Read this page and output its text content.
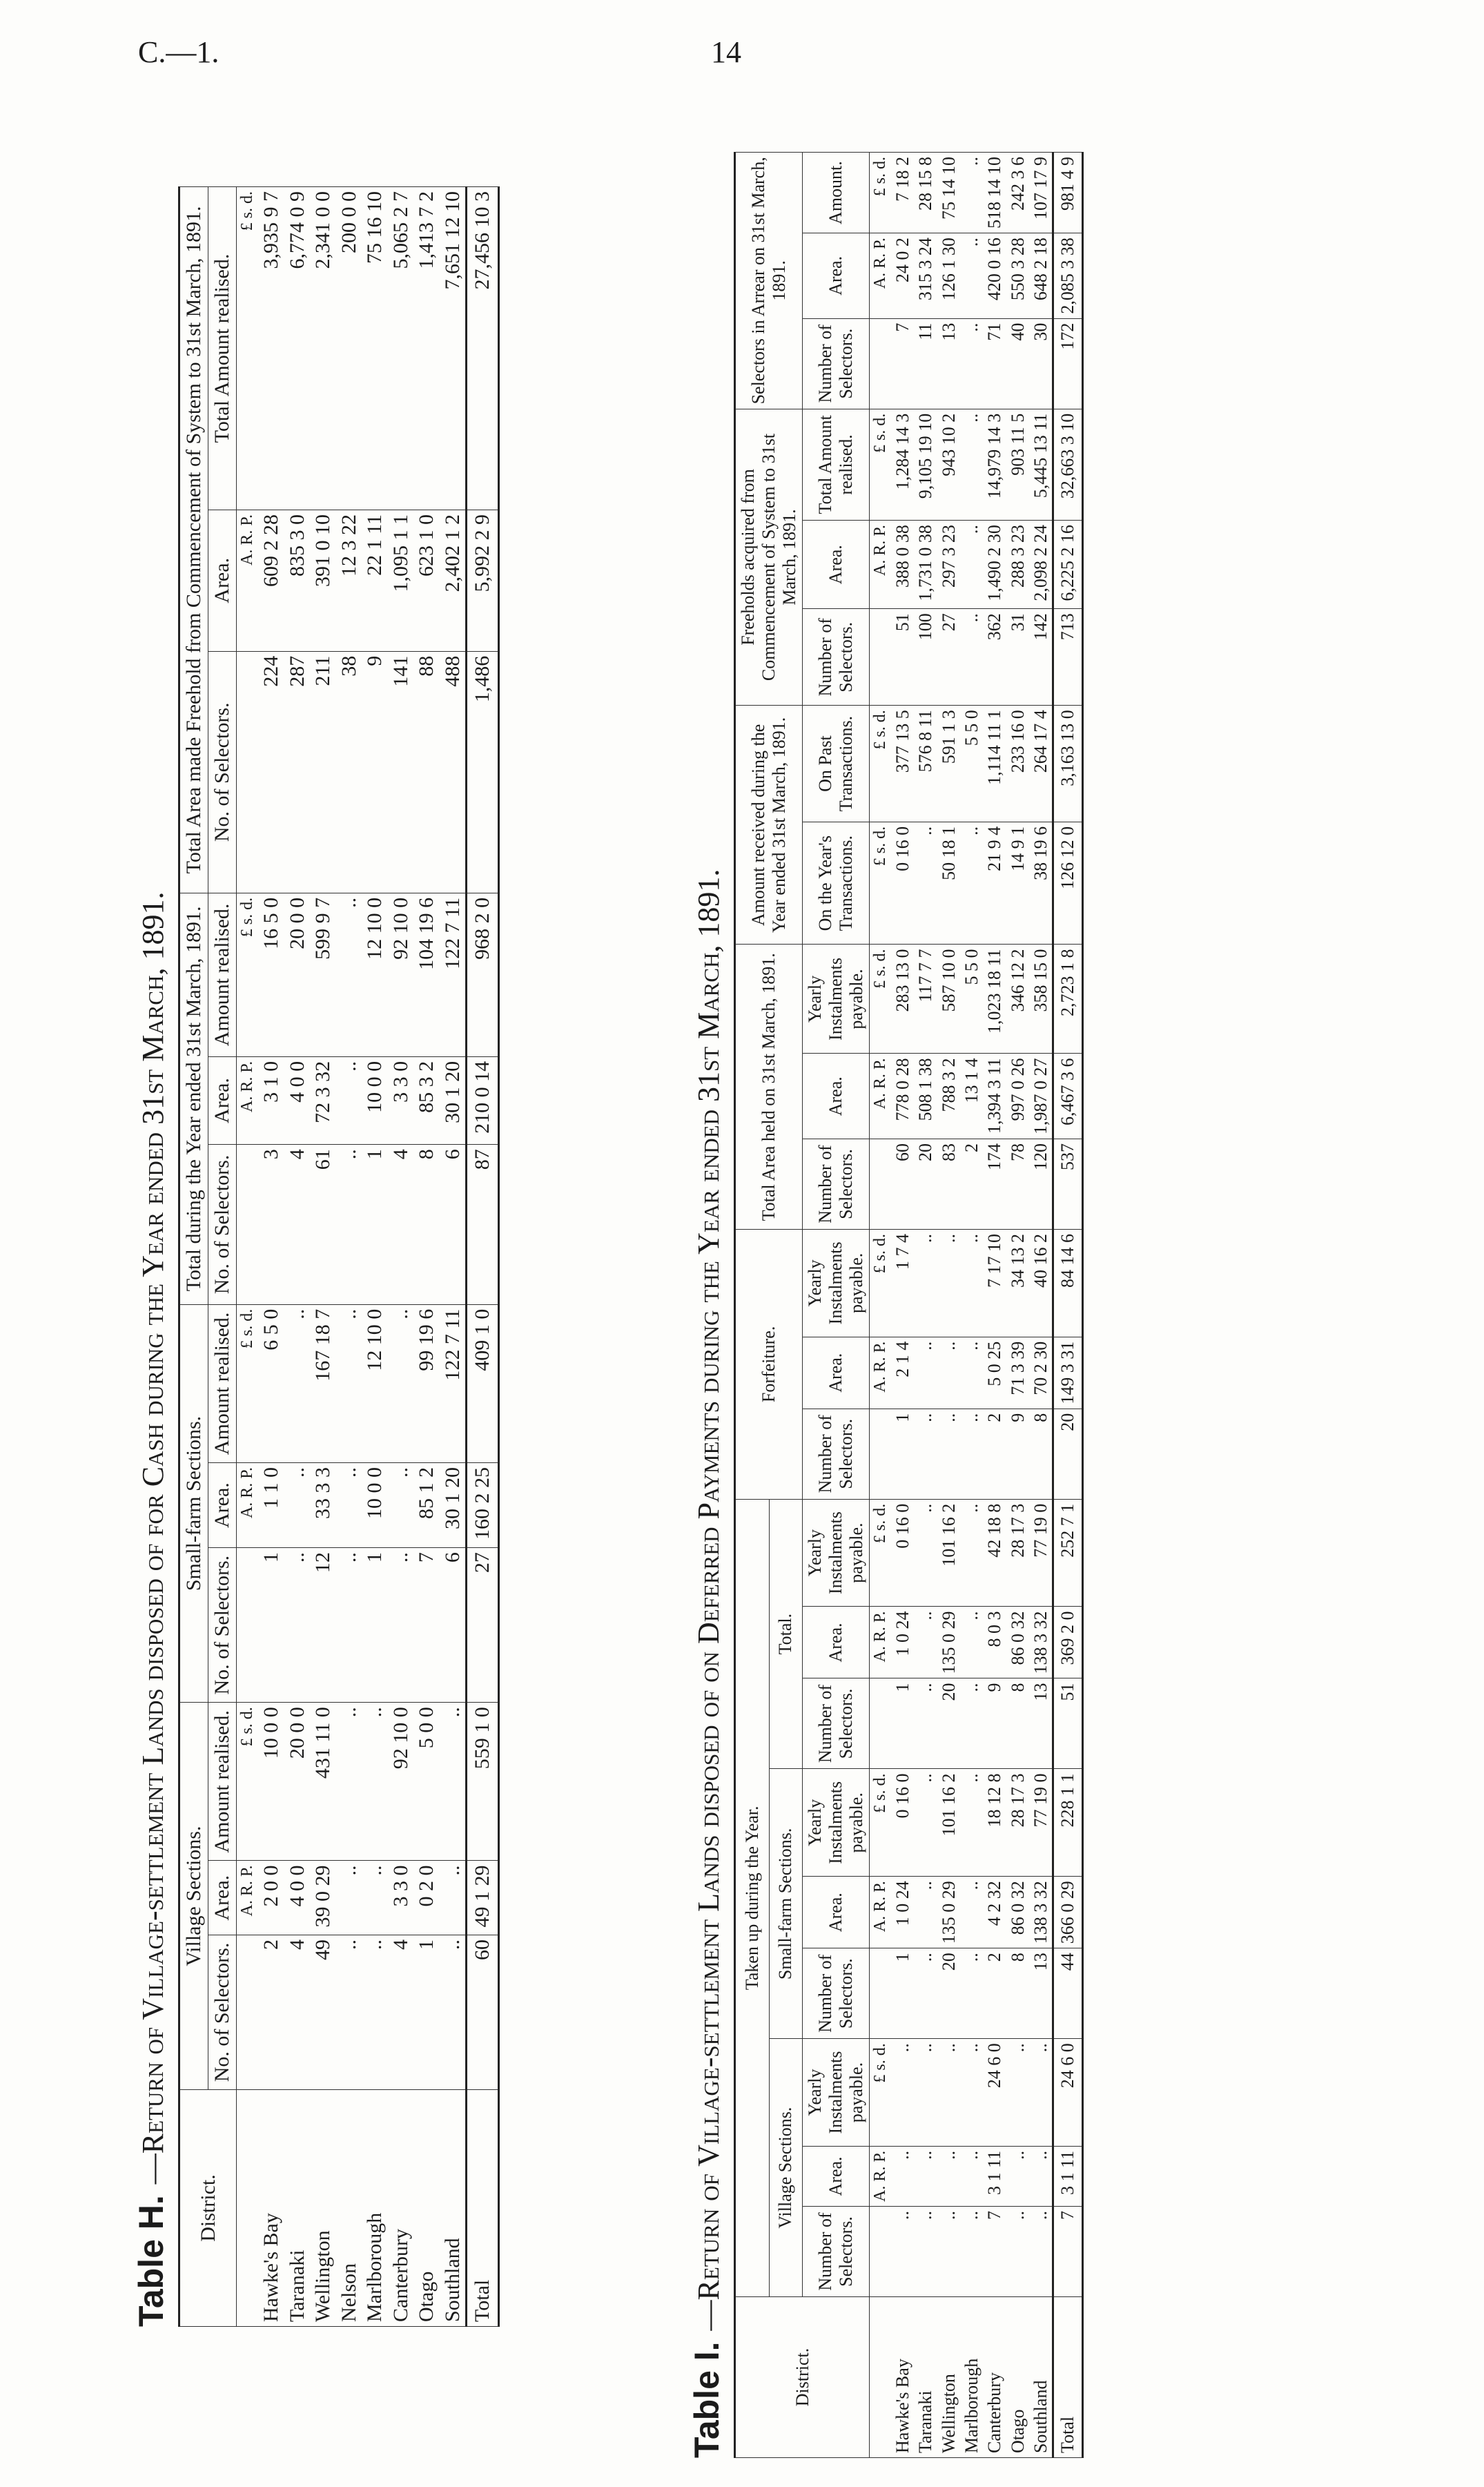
C.—1.	14
Table H.—Return of Village-settlement Lands disposed of for Cash during the Year ended 31st March, 1891.
District.	Village Sections.			Small-farm Sections.			Total during the Year ended 31st March, 1891.			Total Area made Freehold from Commencement of System to 31st March, 1891.		
	No. of Selectors.	Area.	Amount realised.	No. of Selectors.	Area.	Amount realised.	No. of Selectors.	Area.	Amount realised.	No. of Selectors.	Area.	Total Amount realised.
		A. R. P.	£ s. d.		A. R. P.	£ s. d.		A. R. P.	£ s. d.		A. R. P.	£ s. d.
Hawke's Bay	2	2 0 0	10 0 0	1	1 1 0	6 5 0	3	3 1 0	16 5 0	224	609 2 28	3,935 9 7
Taranaki	4	4 0 0	20 0 0	..	..	..	4	4 0 0	20 0 0	287	835 3 0	6,774 0 9
Wellington	49	39 0 29	431 11 0	12	33 3 3	167 18 7	61	72 3 32	599 9 7	211	391 0 10	2,341 0 0
Nelson	..	..	..	..	..	..	..	..	..	38	12 3 22	200 0 0
Marlborough	..	..	..	1	10 0 0	12 10 0	1	10 0 0	12 10 0	9	22 1 11	75 16 10
Canterbury	4	3 3 0	92 10 0	..	..	..	4	3 3 0	92 10 0	141	1,095 1 1	5,065 2 7
Otago	1	0 2 0	5 0 0	7	85 1 2	99 19 6	8	85 3 2	104 19 6	88	623 1 0	1,413 7 2
Southland	..	..	..	6	30 1 20	122 7 11	6	30 1 20	122 7 11	488	2,402 1 2	7,651 12 10
Total	60	49 1 29	559 1 0	27	160 2 25	409 1 0	87	210 0 14	968 2 0	1,486	5,992 2 9	27,456 10 3
Table I.—Return of Village-settlement Lands disposed of on Deferred Payments during the Year ended 31st March, 1891.
District.	Taken up during the Year.									Forfeiture.			Total Area held on 31st March, 1891.			Amount received during the Year ended 31st March, 1891.		Freeholds acquired from Commencement of System to 31st March, 1891.			Selectors in Arrear on 31st March, 1891.		
	Village Sections.			Small-farm Sections.			Total.																
	Number of Selectors.	Area.	Yearly Instalments payable.	Number of Selectors.	Area.	Yearly Instalments payable.	Number of Selectors.	Area.	Yearly Instalments payable.	Number of Selectors.	Area.	Yearly Instalments payable.	Number of Selectors.	Area.	Yearly Instalments payable.	On the Year's Transactions.	On Past Transactions.	Number of Selectors.	Area.	Total Amount realised.	Number of Selectors.	Area.	Amount.
		A. R. P.	£ s. d.		A. R. P.	£ s. d.		A. R. P.	£ s. d.		A. R. P.	£ s. d.		A. R. P.	£ s. d.	£ s. d.	£ s. d.		A. R. P.	£ s. d.		A. R. P.	£ s. d.
Hawke's Bay	..	..	..	1	1 0 24	0 16 0	1	1 0 24	0 16 0	1	2 1 4	1 7 4	60	778 0 28	283 13 0	0 16 0	377 13 5	51	388 0 38	1,284 14 3	7	24 0 2	7 18 2
Taranaki	..	..	..	..	..	..	..	..	..	..	..	..	20	508 1 38	117 7 7	..	576 8 11	100	1,731 0 38	9,105 19 10	11	315 3 24	28 15 8
Wellington	..	..	..	20	135 0 29	101 16 2	20	135 0 29	101 16 2	..	..	..	83	788 3 2	587 10 0	50 18 1	591 1 3	27	297 3 23	943 10 2	13	126 1 30	75 14 10
Marlborough	..	..	..	..	..	..	..	..	..	..	..	..	2	13 1 4	5 5 0	..	5 5 0	..	..	..	..	..	..
Canterbury	7	3 1 11	24 6 0	2	4 2 32	18 12 8	9	8 0 3	42 18 8	2	5 0 25	7 17 10	174	1,394 3 11	1,023 18 11	21 9 4	1,114 11 1	362	1,490 2 30	14,979 14 3	71	420 0 16	518 14 10
Otago	..	..	..	8	86 0 32	28 17 3	8	86 0 32	28 17 3	9	71 3 39	34 13 2	78	997 0 26	346 12 2	14 9 1	233 16 0	31	288 3 23	903 11 5	40	550 3 28	242 3 6
Southland	..	..	..	13	138 3 32	77 19 0	13	138 3 32	77 19 0	8	70 2 30	40 16 2	120	1,987 0 27	358 15 0	38 19 6	264 17 4	142	2,098 2 24	5,445 13 11	30	648 2 18	107 17 9
Total	7	3 1 11	24 6 0	44	366 0 29	228 1 1	51	369 2 0	252 7 1	20	149 3 31	84 14 6	537	6,467 3 6	2,723 1 8	126 12 0	3,163 13 0	713	6,225 2 16	32,663 3 10	172	2,085 3 38	981 4 9
